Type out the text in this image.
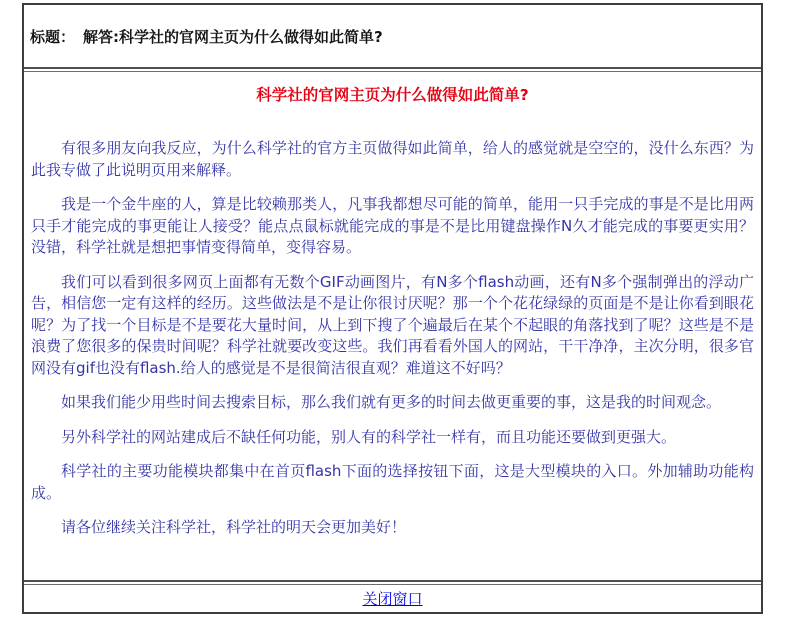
标题： 解答:科学社的官网主页为什么做得如此简单?
科学社的官网主页为什么做得如此简单?

有很多朋友向我反应，为什么科学社的官方主页做得如此简单，给人的感觉就是空空的，没什么东西？为此我专做了此说明页用来解释。

我是一个金牛座的人，算是比较赖那类人，凡事我都想尽可能的简单，能用一只手完成的事是不是比用两只手才能完成的事更能让人接受？能点点鼠标就能完成的事是不是比用键盘操作N久才能完成的事要更实用？没错，科学社就是想把事情变得简单，变得容易。

我们可以看到很多网页上面都有无数个GIF动画图片，有N多个flash动画，还有N多个强制弹出的浮动广告，相信您一定有这样的经历。这些做法是不是让你很讨厌呢？那一个个花花绿绿的页面是不是让你看到眼花呢？为了找一个目标是不是要花大量时间，从上到下搜了个遍最后在某个不起眼的角落找到了呢？这些是不是浪费了您很多的保贵时间呢？科学社就要改变这些。我们再看看外国人的网站，干干净净，主次分明，很多官网没有gif也没有flash.给人的感觉是不是很简洁很直观？难道这不好吗？

如果我们能少用些时间去搜索目标，那么我们就有更多的时间去做更重要的事，这是我的时间观念。

另外科学社的网站建成后不缺任何功能，别人有的科学社一样有，而且功能还要做到更强大。

科学社的主要功能模块都集中在首页flash下面的选择按钮下面，这是大型模块的入口。外加辅助功能构成。

请各位继续关注科学社，科学社的明天会更加美好！

关闭窗口
